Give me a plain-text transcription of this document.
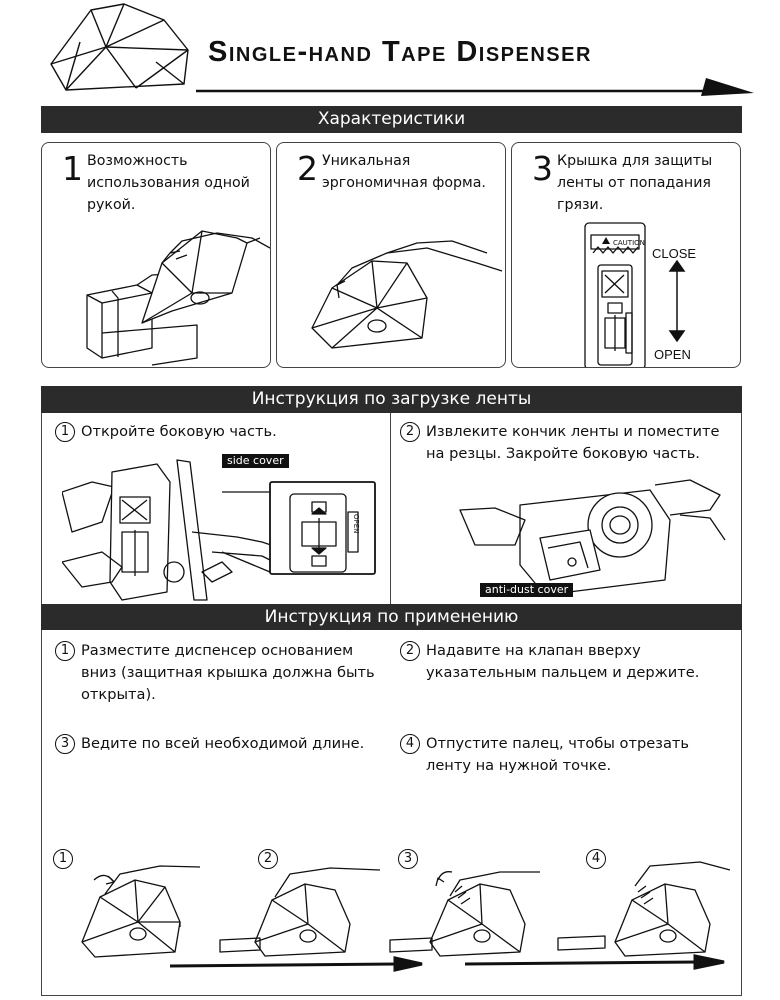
Single-hand Tape Dispenser
Характеристики
1 Возможность использования одной рукой.
2 Уникальная эргономичная форма.
CAUTION
CLOSE
OPEN
3 Крышка для защиты ленты от попадания грязи.
Инструкция по загрузке ленты
1 Откройте боковую часть.	2 Извлеките кончик ленты и поместите на резцы. Закройте боковую часть.
OPEN
side cover
anti-dust cover
Инструкция по применению
1 Разместите диспенсер основанием вниз (защитная крышка должна быть открыта).
2 Надавите на клапан вверху указательным пальцем и держите.
3 Ведите по всей необходимой длине.	4 Отпустите палец, чтобы отрезать ленту на нужной точке.
1	2	3	4
